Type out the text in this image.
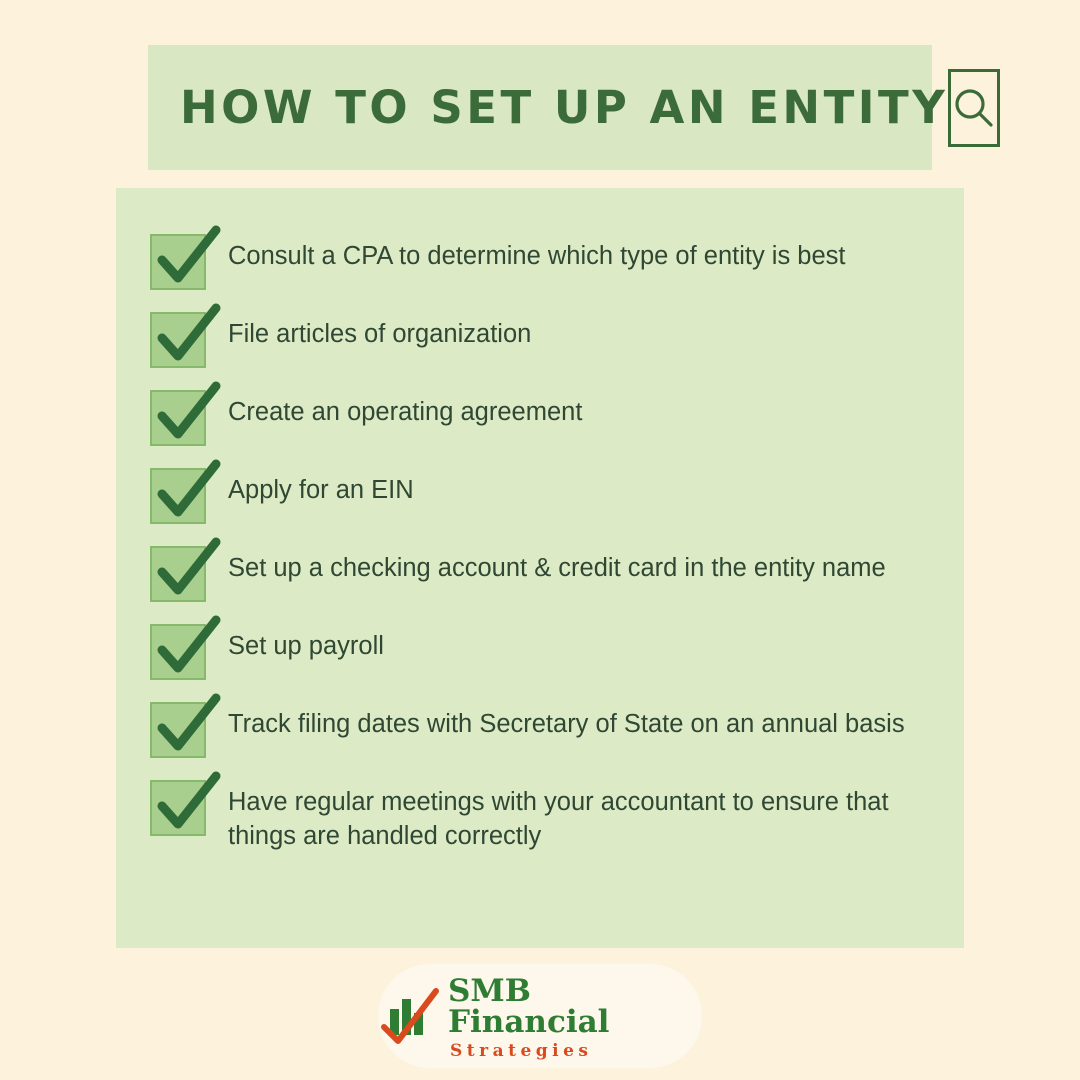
HOW TO SET UP AN ENTITY
Consult a CPA to determine which type of entity is best
File articles of organization
Create an operating agreement
Apply for an EIN
Set up a checking account & credit card in the entity name
Set up payroll
Track filing dates with Secretary of State on an annual basis
Have regular meetings with your accountant to ensure that things are handled correctly
SMB Financial
Strategies
